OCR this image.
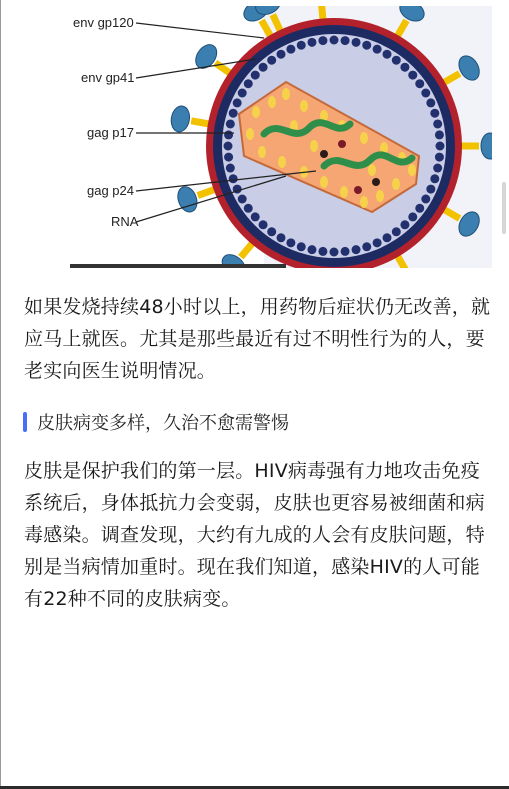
env gp120
env gp41
gag p17
gag p24
RNA

如果发烧持续48小时以上，用药物后症状仍无改善，就应马上就医。尤其是那些最近有过不明性行为的人，要老实向医生说明情况。

皮肤病变多样，久治不愈需警惕

皮肤是保护我们的第一层。HIV病毒强有力地攻击免疫系统后，身体抵抗力会变弱，皮肤也更容易被细菌和病毒感染。调查发现，大约有九成的人会有皮肤问题，特别是当病情加重时。现在我们知道，感染HIV的人可能有22种不同的皮肤病变。
